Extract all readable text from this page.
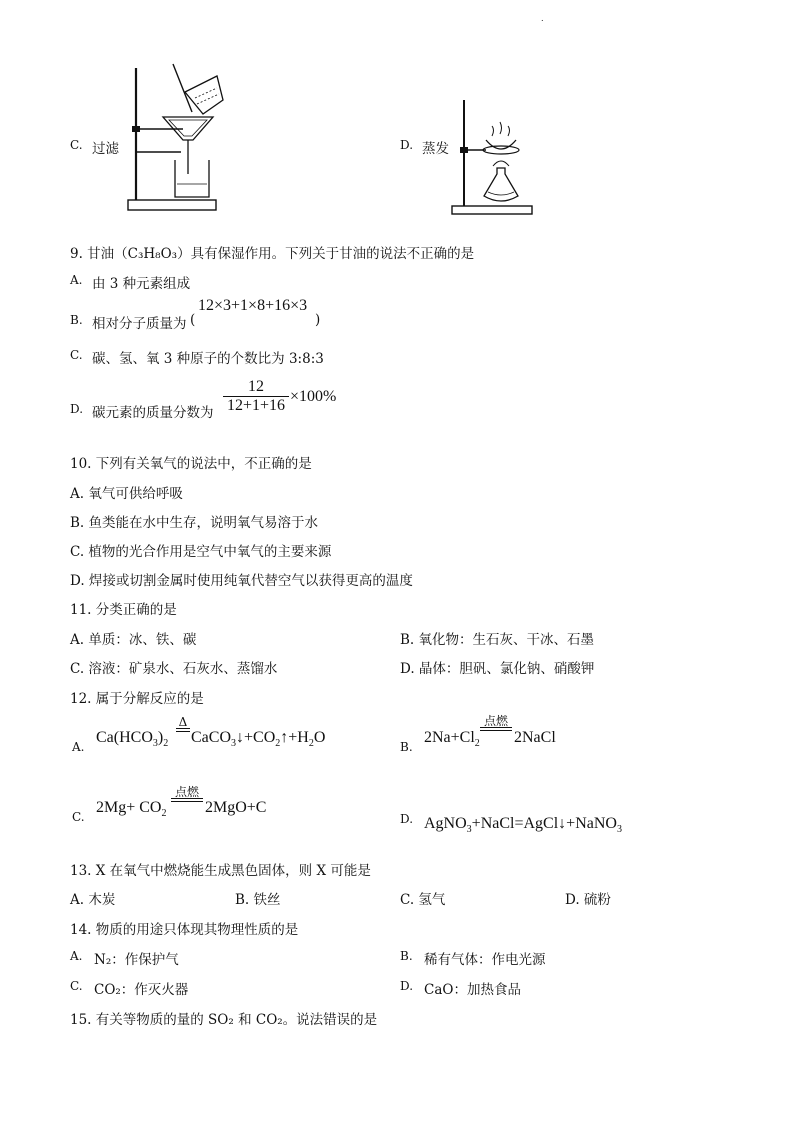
.
C. 过滤	D. 蒸发
9. 甘油（C₃H₈O₃）具有保湿作用。下列关于甘油的说法不正确的是
A. 由 3 种元素组成
B. 相对分子质量为 (
12×3+1×8+16×3
)
C. 碳、氢、氧 3 种原子的个数比为 3:8:3
D. 碳元素的质量分数为 $\frac{12}{12+1+16} \times 100\%$
10. 下列有关氧气的说法中，不正确的是
A. 氧气可供给呼吸
B. 鱼类能在水中生存，说明氧气易溶于水
C. 植物的光合作用是空气中氧气的主要来源
D. 焊接或切割金属时使用纯氧代替空气以获得更高的温度
11. 分类正确的是
A. 单质：冰、铁、碳	B. 氧化物：生石灰、干冰、石墨
C. 溶液：矿泉水、石灰水、蒸馏水	D. 晶体：胆矾、氯化钠、硝酸钾
12. 属于分解反应的是
A.
$Ca(HCO_3)_2$
Δ
$CaCO_3↓+CO_2↑+H_2O$
B.
$2Na+Cl_2$
点燃
2NaCl
C.
$2Mg+ CO_2$
点燃
2MgO+C
D. AgNO$_3$+NaCl=AgCl↓+NaNO$_3$
13. X 在氧气中燃烧能生成黑色固体，则 X 可能是
A. 木炭	B. 铁丝	C. 氢气	D. 硫粉
14. 物质的用途只体现其物理性质的是
A. N₂：作保护气	B. 稀有气体：作电光源
C. CO₂：作灭火器	D. CaO：加热食品
15. 有关等物质的量的 SO₂ 和 CO₂。说法错误的是
